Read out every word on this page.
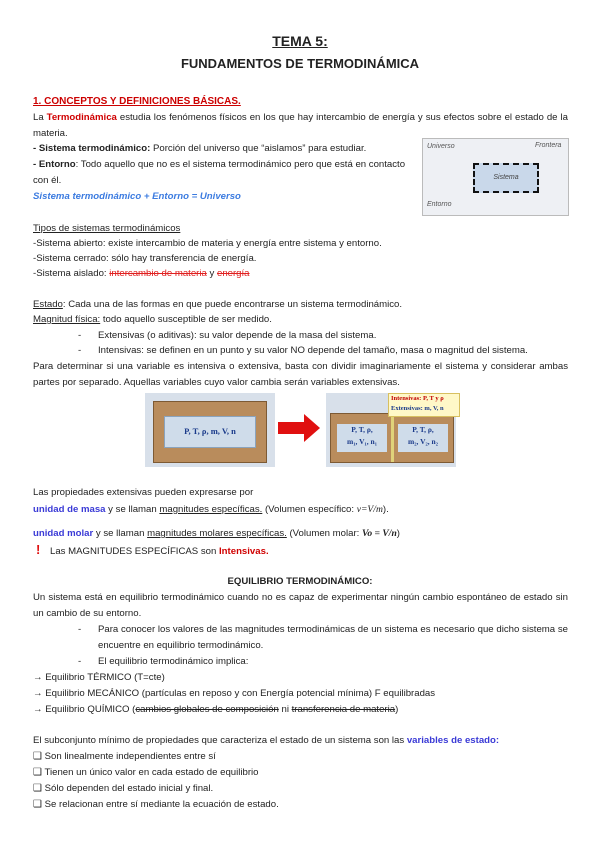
TEMA 5:
FUNDAMENTOS DE TERMODINÁMICA
1. CONCEPTOS Y DEFINICIONES BÁSICAS.
La Termodinámica estudia los fenómenos físicos en los que hay intercambio de energía y sus efectos sobre el estado de la materia.
- Sistema termodinámico: Porción del universo que “aislamos” para estudiar.
- Entorno: Todo aquello que no es el sistema termodinámico pero que está en contacto con él.
Sistema termodinámico + Entorno = Universo
Universo	Frontera
Sistema
Entorno
Tipos de sistemas termodinámicos
-Sistema abierto: existe intercambio de materia y energía entre sistema y entorno.
-Sistema cerrado: sólo hay transferencia de energía.
-Sistema aislado: intercambio de materia y energía
Estado: Cada una de las formas en que puede encontrarse un sistema termodinámico.
Magnitud física: todo aquello susceptible de ser medido.
- Extensivas (o aditivas): su valor depende de la masa del sistema.
- Intensivas: se definen en un punto y su valor NO depende del tamaño, masa o magnitud del sistema.
Para determinar si una variable es intensiva o extensiva, basta con dividir imaginariamente el sistema y considerar ambas partes por separado. Aquellas variables cuyo valor cambia serán variables extensivas.
P, T, ρ, m, V, n	P, T, ρ,
m₁, V₁, n₁
P, T, ρ,
m₂, V₂, n₂
Intensivas: P, T y ρ
Extensivas: m, V, n
Las propiedades extensivas pueden expresarse por
unidad de masa y se llaman magnitudes específicas. (Volumen específico: v=V/m).
unidad molar y se llaman magnitudes molares específicas. (Volumen molar: Vo = V/n)
! Las MAGNITUDES ESPECÍFICAS son Intensivas.
EQUILIBRIO TERMODINÁMICO:
Un sistema está en equilibrio termodinámico cuando no es capaz de experimentar ningún cambio espontáneo de estado sin un cambio de su entorno.
- Para conocer los valores de las magnitudes termodinámicas de un sistema es necesario que dicho sistema se encuentre en equilibrio termodinámico.
- El equilibrio termodinámico implica:
→ Equilibrio TÉRMICO (T=cte)
→ Equilibrio MECÁNICO (partículas en reposo y con Energía potencial mínima) F equilibradas
→ Equilibrio QUÍMICO (cambios globales de composición ni transferencia de materia)
El subconjunto mínimo de propiedades que caracteriza el estado de un sistema son las variables de estado:
❑ Son linealmente independientes entre sí
❑ Tienen un único valor en cada estado de equilibrio
❑ Sólo dependen del estado inicial y final.
❑ Se relacionan entre sí mediante la ecuación de estado.
